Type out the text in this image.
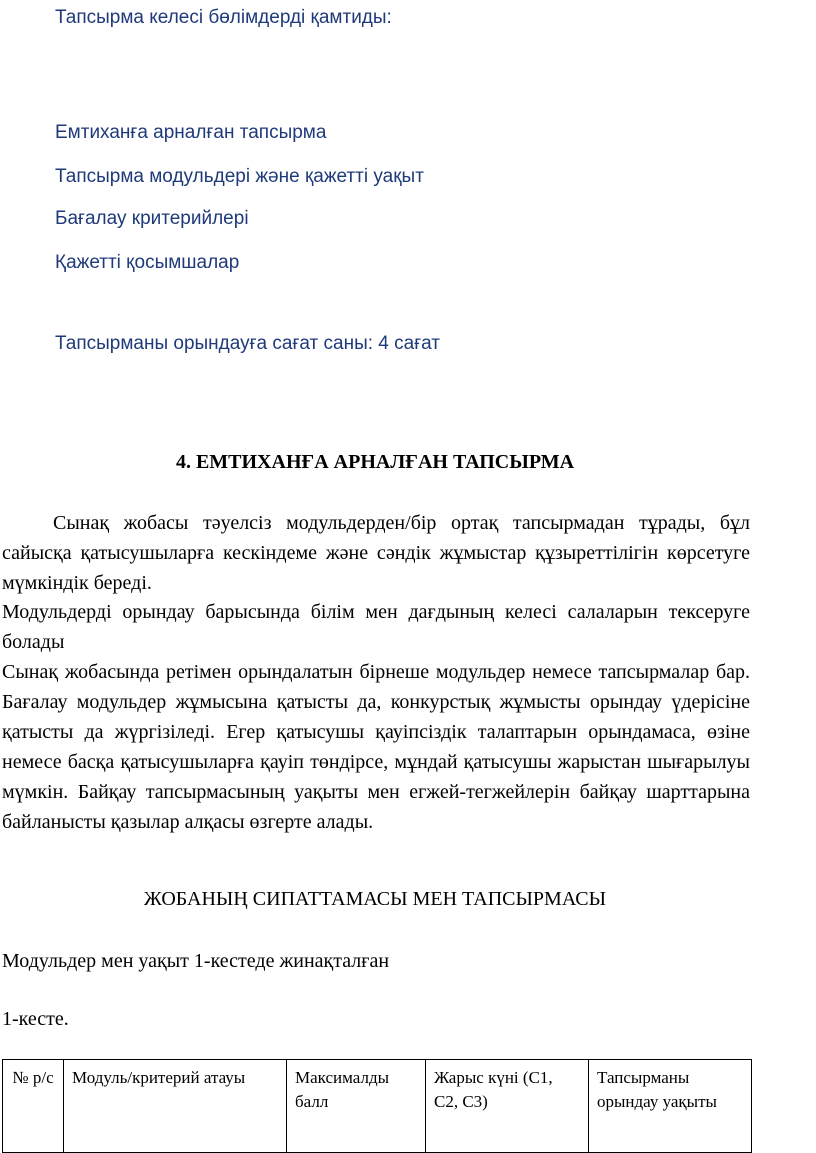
Тапсырма келесі бөлімдерді қамтиды:
Емтиханға арналған тапсырма
Тапсырма модульдері және қажетті уақыт
Бағалау критерийлері
Қажетті қосымшалар
Тапсырманы орындауға сағат саны: 4 сағат
4. ЕМТИХАНҒА АРНАЛҒАН ТАПСЫРМА
Сынақ жобасы тәуелсіз модульдерден/бір ортақ тапсырмадан тұрады, бұл сайысқа қатысушыларға кескіндеме және сәндік жұмыстар құзыреттілігін көрсетуге мүмкіндік береді.
Модульдерді орындау барысында білім мен дағдының келесі салаларын тексеруге болады
Сынақ жобасында ретімен орындалатын бірнеше модульдер немесе тапсырмалар бар. Бағалау модульдер жұмысына қатысты да, конкурстық жұмысты орындау үдерісіне қатысты да жүргізіледі. Егер қатысушы қауіпсіздік талаптарын орындамаса, өзіне немесе басқа қатысушыларға қауіп төндірсе, мұндай қатысушы жарыстан шығарылуы мүмкін. Байқау тапсырмасының уақыты мен егжей-тегжейлерін байқау шарттарына байланысты қазылар алқасы өзгерте алады.
ЖОБАНЫҢ СИПАТТАМАСЫ МЕН ТАПСЫРМАСЫ
Модульдер мен уақыт 1-кестеде жинақталған
1-кесте.
№ р/с	Модуль/критерий атауы	Максималды балл	Жарыс күні (С1, С2, С3)	Тапсырманы орындау уақыты
